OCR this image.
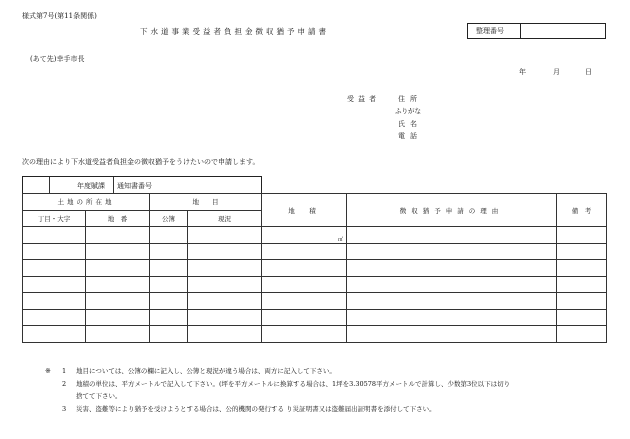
様式第7号(第11条関係)
下水道事業受益者負担金徴収猶予申請書	整理番号
(あて先)幸手市長
年	月	日
受益者	住所
ふりがな
氏名
電話
次の理由により下水道受益者負担金の徴収猶予をうけたいので申請します。
年度賦課 通知書番号
土地の所在地		地　　目		地　積	徴収猶予申請の理由	備　考
丁目・大字	地　番	公簿	現況			
				㎡		

※ 1 地目については、公簿の欄に記入し、公簿と現況が違う場合は、両方に記入して下さい。
2 地積の単位は、平方メートルで記入して下さい。(坪を平方メートルに換算する場合は、1坪を3.30578平方メートルで計算し、少数第3位以下は切り
捨てて下さい。
3 災害、盗難等により猶予を受けようとする場合は、公的機関の発行する り災証明書又は盗難届出証明書を添付して下さい。
